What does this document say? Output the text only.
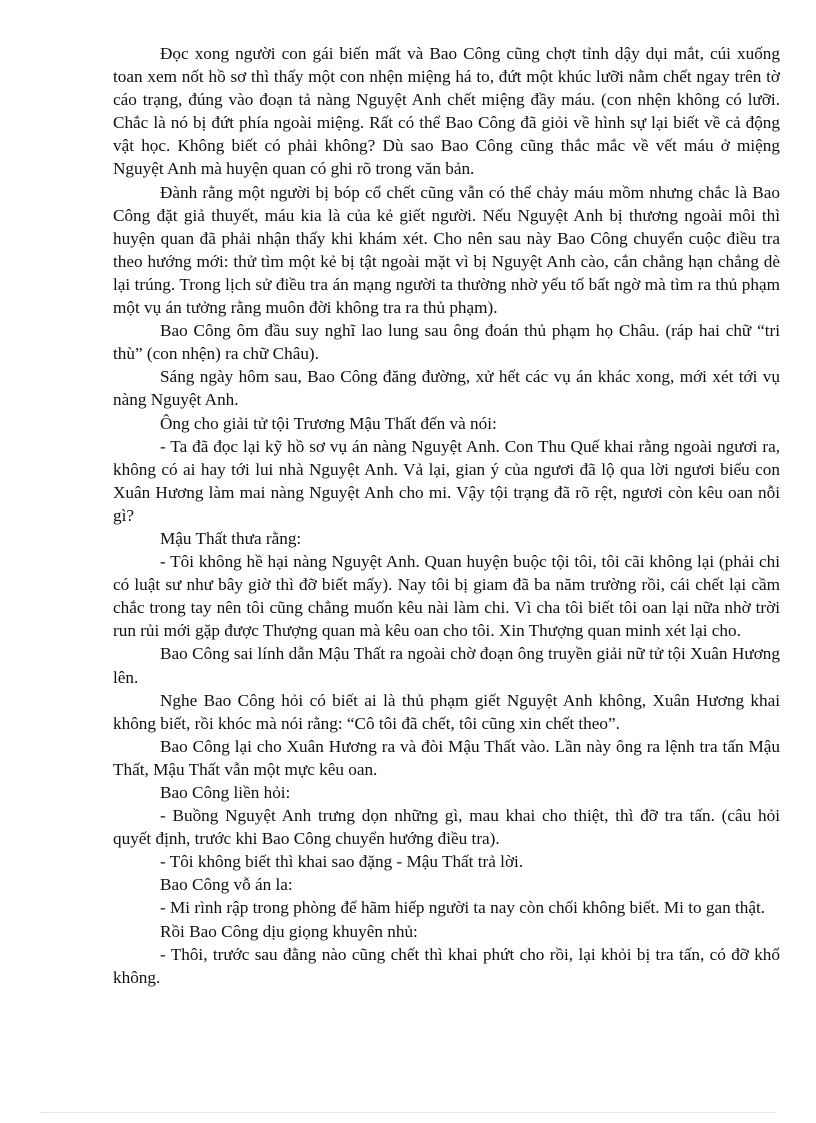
Đọc xong người con gái biến mất và Bao Công cũng chợt tỉnh dậy dụi mắt, cúi xuống toan xem nốt hồ sơ thì thấy một con nhện miệng há to, đứt một khúc lưỡi nằm chết ngay trên tờ cáo trạng, đúng vào đoạn tả nàng Nguyệt Anh chết miệng đầy máu. (con nhện không có lưỡi. Chắc là nó bị đứt phía ngoài miệng. Rất có thể Bao Công đã giỏi về hình sự lại biết về cả động vật học. Không biết có phải không? Dù sao Bao Công cũng thắc mắc về vết máu ở miệng Nguyệt Anh mà huyện quan có ghi rõ trong văn bản.

Đành rằng một người bị bóp cổ chết cũng vẫn có thể chảy máu mồm nhưng chắc là Bao Công đặt giả thuyết, máu kia là của kẻ giết người. Nếu Nguyệt Anh bị thương ngoài môi thì huyện quan đã phải nhận thấy khi khám xét. Cho nên sau này Bao Công chuyển cuộc điều tra theo hướng mới: thử tìm một kẻ bị tật ngoài mặt vì bị Nguyệt Anh cào, cắn chẳng hạn chẳng dè lại trúng. Trong lịch sử điều tra án mạng người ta thường nhờ yếu tố bất ngờ mà tìm ra thủ phạm một vụ án tưởng rằng muôn đời không tra ra thủ phạm).

Bao Công ôm đầu suy nghĩ lao lung sau ông đoán thủ phạm họ Châu. (ráp hai chữ “tri thù” (con nhện) ra chữ Châu).

Sáng ngày hôm sau, Bao Công đăng đường, xử hết các vụ án khác xong, mới xét tới vụ nàng Nguyệt Anh.

Ông cho giải tử tội Trương Mậu Thất đến và nói:

- Ta đã đọc lại kỹ hồ sơ vụ án nàng Nguyệt Anh. Con Thu Quế khai rằng ngoài ngươi ra, không có ai hay tới lui nhà Nguyệt Anh. Vả lại, gian ý của ngươi đã lộ qua lời ngươi biểu con Xuân Hương làm mai nàng Nguyệt Anh cho mi. Vậy tội trạng đã rõ rệt, ngươi còn kêu oan nỗi gì?

Mậu Thất thưa rằng:

- Tôi không hề hại nàng Nguyệt Anh. Quan huyện buộc tội tôi, tôi cãi không lại (phải chi có luật sư như bây giờ thì đỡ biết mấy). Nay tôi bị giam đã ba năm trường rồi, cái chết lại cầm chắc trong tay nên tôi cũng chẳng muốn kêu nài làm chi. Vì cha tôi biết tôi oan lại nữa nhờ trời run rủi mới gặp được Thượng quan mà kêu oan cho tôi. Xin Thượng quan minh xét lại cho.

Bao Công sai lính dẫn Mậu Thất ra ngoài chờ đoạn ông truyền giải nữ tử tội Xuân Hương lên.

Nghe Bao Công hỏi có biết ai là thủ phạm giết Nguyệt Anh không, Xuân Hương khai không biết, rồi khóc mà nói rằng: “Cô tôi đã chết, tôi cũng xin chết theo”.

Bao Công lại cho Xuân Hương ra và đòi Mậu Thất vào. Lần này ông ra lệnh tra tấn Mậu Thất, Mậu Thất vẫn một mực kêu oan.

Bao Công liền hỏi:

- Buồng Nguyệt Anh trưng dọn những gì, mau khai cho thiệt, thì đỡ tra tấn. (câu hỏi quyết định, trước khi Bao Công chuyển hướng điều tra).

- Tôi không biết thì khai sao đặng - Mậu Thất trả lời.

Bao Công vỗ án la:

- Mi rình rập trong phòng để hãm hiếp người ta nay còn chối không biết. Mi to gan thật.

Rồi Bao Công dịu giọng khuyên nhủ:

- Thôi, trước sau đằng nào cũng chết thì khai phứt cho rồi, lại khỏi bị tra tấn, có đỡ khổ không.
